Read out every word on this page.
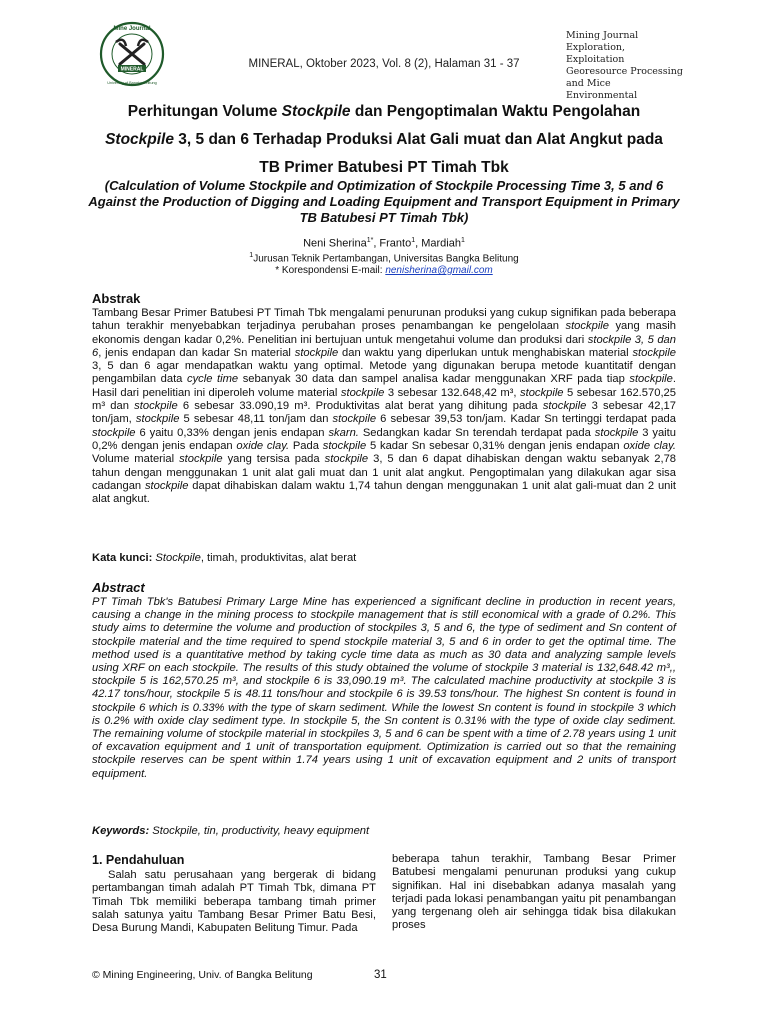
MINERAL
Mine Journal
University of Bangka Belitung
MINERAL, Oktober 2023, Vol. 8 (2), Halaman 31 - 37
Mining Journal
Exploration, Exploitation
Georesource Processing
and Mice Environmental
Perhitungan Volume Stockpile dan Pengoptimalan Waktu Pengolahan
Stockpile 3, 5 dan 6 Terhadap Produksi Alat Gali muat dan Alat Angkut pada
TB Primer Batubesi PT Timah Tbk
(Calculation of Volume Stockpile and Optimization of Stockpile Processing Time 3, 5 and 6 Against the Production of Digging and Loading Equipment and Transport Equipment in Primary TB Batubesi PT Timah Tbk)
Neni Sherina$^{1*}$, Franto$^1$, Mardiah$^1$
$^1$Jurusan Teknik Pertambangan, Universitas Bangka Belitung
* Korespondensi E-mail: nenisherina@gmail.com
Abstrak
Tambang Besar Primer Batubesi PT Timah Tbk mengalami penurunan produksi yang cukup signifikan pada beberapa tahun terakhir menyebabkan terjadinya perubahan proses penambangan ke pengelolaan stockpile yang masih ekonomis dengan kadar 0,2%. Penelitian ini bertujuan untuk mengetahui volume dan produksi dari stockpile 3, 5 dan 6, jenis endapan dan kadar Sn material stockpile dan waktu yang diperlukan untuk menghabiskan material stockpile 3, 5 dan 6 agar mendapatkan waktu yang optimal. Metode yang digunakan berupa metode kuantitatif dengan pengambilan data cycle time sebanyak 30 data dan sampel analisa kadar menggunakan XRF pada tiap stockpile. Hasil dari penelitian ini diperoleh volume material stockpile 3 sebesar 132.648,42 m³, stockpile 5 sebesar 162.570,25 m³ dan stockpile 6 sebesar 33.090,19 m³. Produktivitas alat berat yang dihitung pada stockpile 3 sebesar 42,17 ton/jam, stockpile 5 sebesar 48,11 ton/jam dan stockpile 6 sebesar 39,53 ton/jam. Kadar Sn tertinggi terdapat pada stockpile 6 yaitu 0,33% dengan jenis endapan skarn. Sedangkan kadar Sn terendah terdapat pada stockpile 3 yaitu 0,2% dengan jenis endapan oxide clay. Pada stockpile 5 kadar Sn sebesar 0,31% dengan jenis endapan oxide clay. Volume material stockpile yang tersisa pada stockpile 3, 5 dan 6 dapat dihabiskan dengan waktu sebanyak 2,78 tahun dengan menggunakan 1 unit alat gali muat dan 1 unit alat angkut. Pengoptimalan yang dilakukan agar sisa cadangan stockpile dapat dihabiskan dalam waktu 1,74 tahun dengan menggunakan 1 unit alat gali-muat dan 2 unit alat angkut.
Kata kunci: Stockpile, timah, produktivitas, alat berat
Abstract
PT Timah Tbk's Batubesi Primary Large Mine has experienced a significant decline in production in recent years, causing a change in the mining process to stockpile management that is still economical with a grade of 0.2%. This study aims to determine the volume and production of stockpiles 3, 5 and 6, the type of sediment and Sn content of stockpile material and the time required to spend stockpile material 3, 5 and 6 in order to get the optimal time. The method used is a quantitative method by taking cycle time data as much as 30 data and analyzing sample levels using XRF on each stockpile. The results of this study obtained the volume of stockpile 3 material is 132,648.42 m³,, stockpile 5 is 162,570.25 m³, and stockpile 6 is 33,090.19 m³. The calculated machine productivity at stockpile 3 is 42.17 tons/hour, stockpile 5 is 48.11 tons/hour and stockpile 6 is 39.53 tons/hour. The highest Sn content is found in stockpile 6 which is 0.33% with the type of skarn sediment. While the lowest Sn content is found in stockpile 3 which is 0.2% with oxide clay sediment type. In stockpile 5, the Sn content is 0.31% with the type of oxide clay sediment. The remaining volume of stockpile material in stockpiles 3, 5 and 6 can be spent with a time of 2.78 years using 1 unit of excavation equipment and 1 unit of transportation equipment. Optimization is carried out so that the remaining stockpile reserves can be spent within 1.74 years using 1 unit of excavation equipment and 2 units of transport equipment.
Keywords: Stockpile, tin, productivity, heavy equipment
1. Pendahuluan
Salah satu perusahaan yang bergerak di bidang pertambangan timah adalah PT Timah Tbk, dimana PT Timah Tbk memiliki beberapa tambang timah primer salah satunya yaitu Tambang Besar Primer Batu Besi, Desa Burung Mandi, Kabupaten Belitung Timur. Pada
beberapa tahun terakhir, Tambang Besar Primer Batubesi mengalami penurunan produksi yang cukup signifikan. Hal ini disebabkan adanya masalah yang terjadi pada lokasi penambangan yaitu pit penambangan yang tergenang oleh air sehingga tidak bisa dilakukan proses
© Mining Engineering, Univ. of Bangka Belitung	31
